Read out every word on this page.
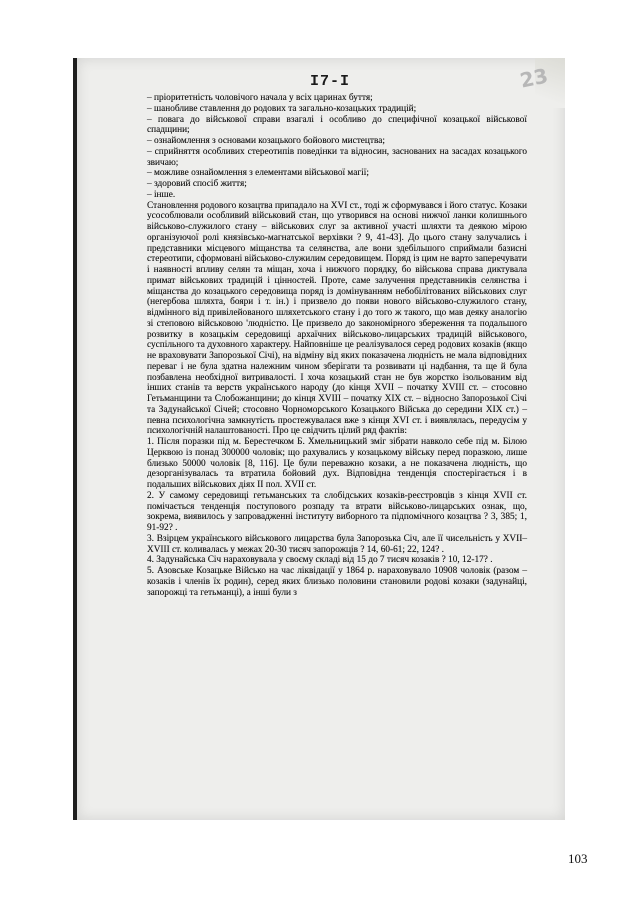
I7-I	23

– пріоритетність чоловічого начала у всіх царинах буття;

– шанобливе ставлення до родових та загально-козацьких традицій;

– повага до військової справи взагалі і особливо до специфічної козацької військової спадщини;

– ознайомлення з основами козацького бойового мистецтва;

– сприйняття особливих стереотипів поведінки та відносин, заснованих на засадах козацького звичаю;

– можливе ознайомлення з елементами військової магії;

– здоровий спосіб життя;

– інше.

Становлення родового козацтва припадало на XVI ст., тоді ж сформувався і його статус. Козаки усособлювали особливий військовий стан, що утворився на основі нижчої ланки колишнього військово-служилого стану – військових слуг за активної участі шляхти та деякою мірою організуючої ролі князівсько-магнатської верхівки ? 9, 41-43]. До цього стану залучались і представники місцевого міщанства та селянства, але вони здебільшого сприймали базисні стереотипи, сформовані військово-служилим середовищем. Поряд із цим не варто заперечувати і наявності впливу селян та міщан, хоча і нижчого порядку, бо військова справа диктувала примат військових традицій і цінностей. Проте, саме залучення представників селянства і міщанства до козацького середовища поряд із домінуванням небобілітованих військових слуг (негербова шляхта, бояри і т. ін.) і призвело до появи нового військово-служилого стану, відмінного від привілейованого шляхетського стану і до того ж такого, що мав деяку аналогію зі степовою військовою 'людністю. Це призвело до закономірного збереження та подальшого розвитку в козацькім середовищі архаїчних військово-лицарських традицій військового, суспільного та духовного характеру. Найповніше це реалізувалося серед родових козаків (якщо не враховувати Запорозької Січі), на відміну від яких показачена людність не мала відповідних переваг і не була здатна належним чином зберігати та розвивати ці надбання, та ще й була позбавлена необхідної витривалості. І хоча козацький стан не був жорстко ізольованим від інших станів та верств українського народу (до кінця XVIІ – початку XVIІІ ст. – стосовно Гетьманщини та Слобожанщини; до кінця XVIІІ – початку XIX ст. – відносно Запорозької Січі та Задунайської Січей; стосовно Чорноморського Козацького Війська до середини XIX ст.) – певна психологічна замкнутість простежувалася вже з кінця XVI ст. і виявлялась, передусім у психологічній налаштованості. Про це свідчить цілий ряд фактів:

1. Після поразки під м. Берестечком Б. Хмельницький зміг зібрати навколо себе під м. Білою Церквою із понад 300000 чоловік; що рахувались у козацькому війську перед поразкою, лише близько 50000 чоловік [8, 116]. Це були переважно козаки, а не показачена людність, що дезорганізувалась та втратила бойовий дух. Відповідна тенденція спостерігається і в подальших військових діях II пол. XVIІ ст.

2. У самому середовищі гетьманських та слобідських козаків-реєстровців з кінця XVIІ ст. помічається тенденція поступового розпаду та втрати військово-лицарських ознак, що, зокрема, виявилось у запровадженні інституту виборного та підпомічного козацтва ? 3, 385; 1, 91-92? .

3. Взірцем українського військового лицарства була Запорозька Січ, але її чисельність у XVIІ–XVIІІ ст. коливалась у межах 20-30 тисяч запорожців ? 14, 60-61; 22, 124? .

4. Задунайська Січ нараховувала у своєму складі від 15 до 7 тисяч козаків ? 10, 12-17? .

5. Азовське Козацьке Військо на час ліквідації у 1864 р. нараховувало 10908 чоловік (разом – козаків і членів їх родин), серед яких близько половини становили родові козаки (задунайці, запорожці та гетьманці), а інші були з

103
